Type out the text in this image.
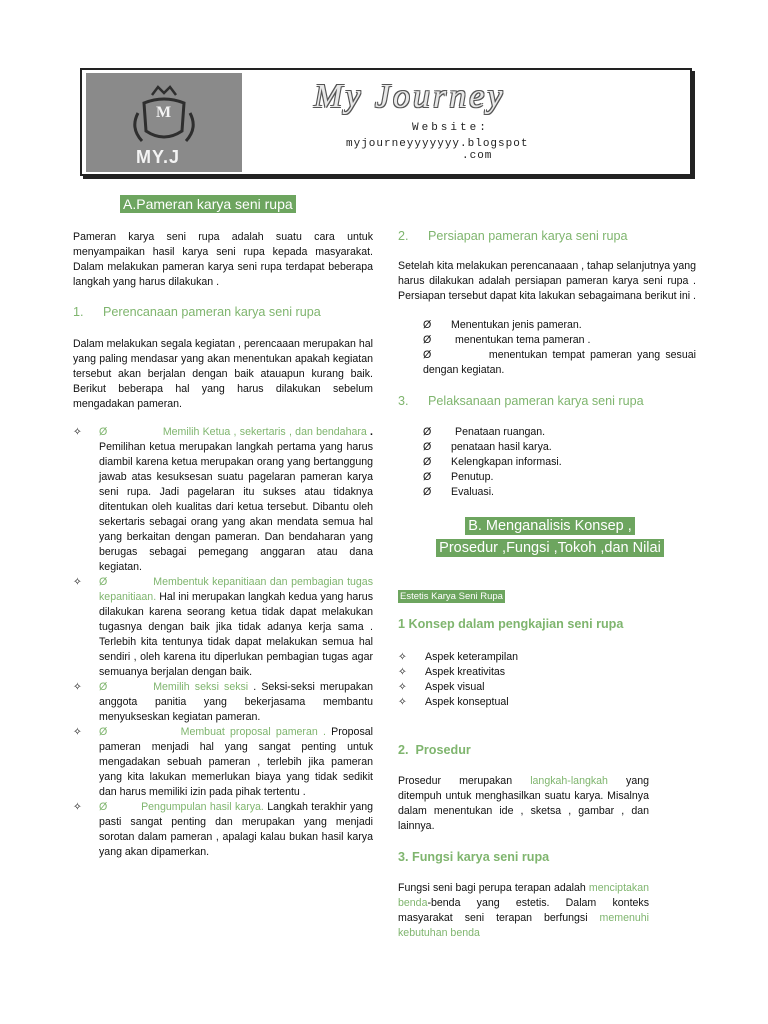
M
MY.J
My Journey
Website:
myjourneyyyyyyy.blogspot
.com
A.Pameran karya seni rupa

Pameran karya seni rupa adalah suatu cara untuk menyampaikan hasil karya seni rupa kepada masyarakat. Dalam melakukan pameran karya seni rupa terdapat beberapa langkah yang harus dilakukan .

1. Perencanaan pameran karya seni rupa

Dalam melakukan segala kegiatan , perencaaan merupakan hal yang paling mendasar yang akan menentukan apakah kegiatan tersebut akan berjalan dengan baik atauapun kurang baik. Berikut beberapa hal yang harus dilakukan sebelum mengadakan pameran.

✧ Ø	Memilih Ketua , sekertaris , dan bendahara . Pemilihan ketua merupakan langkah pertama yang harus diambil karena ketua merupakan orang yang bertanggung jawab atas kesuksesan suatu pagelaran pameran karya seni rupa. Jadi pagelaran itu sukses atau tidaknya ditentukan oleh kualitas dari ketua tersebut. Dibantu oleh sekertaris sebagai orang yang akan mendata semua hal yang berkaitan dengan pameran. Dan bendaharan yang berugas sebagai pemegang anggaran atau dana kegiatan.
✧ Ø	Membentuk kepanitiaan dan pembagian tugas kepanitiaan. Hal ini merupakan langkah kedua yang harus dilakukan karena seorang ketua tidak dapat melakukan tugasnya dengan baik jika tidak adanya kerja sama . Terlebih kita tentunya tidak dapat melakukan semua hal sendiri , oleh karena itu diperlukan pembagian tugas agar semuanya berjalan dengan baik.
✧ Ø	Memilih seksi seksi . Seksi-seksi merupakan anggota panitia yang bekerjasama membantu menyukseskan kegiatan pameran.
✧ Ø	Membuat proposal pameran . Proposal pameran menjadi hal yang sangat penting untuk mengadakan sebuah pameran , terlebih jika pameran yang kita lakukan memerlukan biaya yang tidak sedikit dan harus memiliki izin pada pihak tertentu .
✧ Ø	Pengumpulan hasil karya. Langkah terakhir yang pasti sangat penting dan merupakan yang menjadi sorotan dalam pameran , apalagi kalau bukan hasil karya yang akan dipamerkan.

2. Persiapan pameran karya seni rupa

Setelah kita melakukan perencanaaan , tahap selanjutnya yang harus dilakukan adalah persiapan pameran karya seni rupa . Persiapan tersebut dapat kita lakukan sebagaimana berikut ini .

Ø Menentukan jenis pameran.
Ø menentukan tema pameran .
Ø	menentukan tempat pameran yang sesuai dengan kegiatan.

3. Pelaksanaan pameran karya seni rupa

Ø Penataan ruangan.
Ø penataan hasil karya.
Ø Kelengkapan informasi.
Ø Penutup.
Ø Evaluasi.
B. Menganalisis Konsep ,
Prosedur ,Fungsi ,Tokoh ,dan Nilai
Estetis Karya Seni Rupa

1 Konsep dalam pengkajian seni rupa

✧ Aspek keterampilan
✧ Aspek kreativitas
✧ Aspek visual
✧ Aspek konseptual

2.  Prosedur

Prosedur merupakan langkah-langkah yang ditempuh untuk menghasilkan suatu karya. Misalnya dalam menentukan ide , sketsa , gambar , dan lainnya.

3. Fungsi karya seni rupa

Fungsi seni bagi perupa terapan adalah menciptakan benda-benda yang estetis. Dalam konteks masyarakat seni terapan berfungsi memenuhi kebutuhan benda
